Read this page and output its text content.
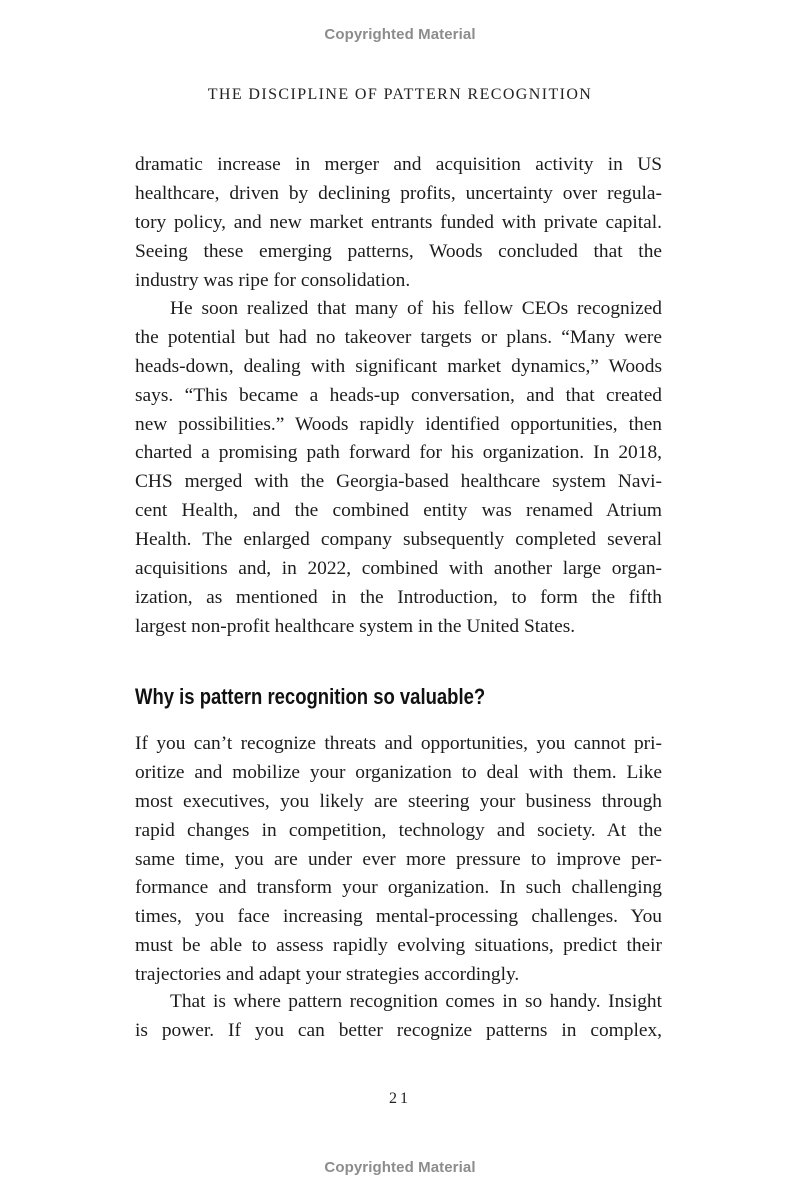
Copyrighted Material
THE DISCIPLINE OF PATTERN RECOGNITION
dramatic increase in merger and acquisition activity in US
healthcare, driven by declining profits, uncertainty over regula-
tory policy, and new market entrants funded with private capital.
Seeing these emerging patterns, Woods concluded that the
industry was ripe for consolidation.
He soon realized that many of his fellow CEOs recognized
the potential but had no takeover targets or plans. “Many were
heads-down, dealing with significant market dynamics,” Woods
says. “This became a heads-up conversation, and that created
new possibilities.” Woods rapidly identified opportunities, then
charted a promising path forward for his organization. In 2018,
CHS merged with the Georgia-based healthcare system Navi-
cent Health, and the combined entity was renamed Atrium
Health. The enlarged company subsequently completed several
acquisitions and, in 2022, combined with another large organ-
ization, as mentioned in the Introduction, to form the fifth
largest non-profit healthcare system in the United States.
Why is pattern recognition so valuable?
If you can’t recognize threats and opportunities, you cannot pri-
oritize and mobilize your organization to deal with them. Like
most executives, you likely are steering your business through
rapid changes in competition, technology and society. At the
same time, you are under ever more pressure to improve per-
formance and transform your organization. In such challenging
times, you face increasing mental-processing challenges. You
must be able to assess rapidly evolving situations, predict their
trajectories and adapt your strategies accordingly.
That is where pattern recognition comes in so handy. Insight
is power. If you can better recognize patterns in complex,
21
Copyrighted Material
